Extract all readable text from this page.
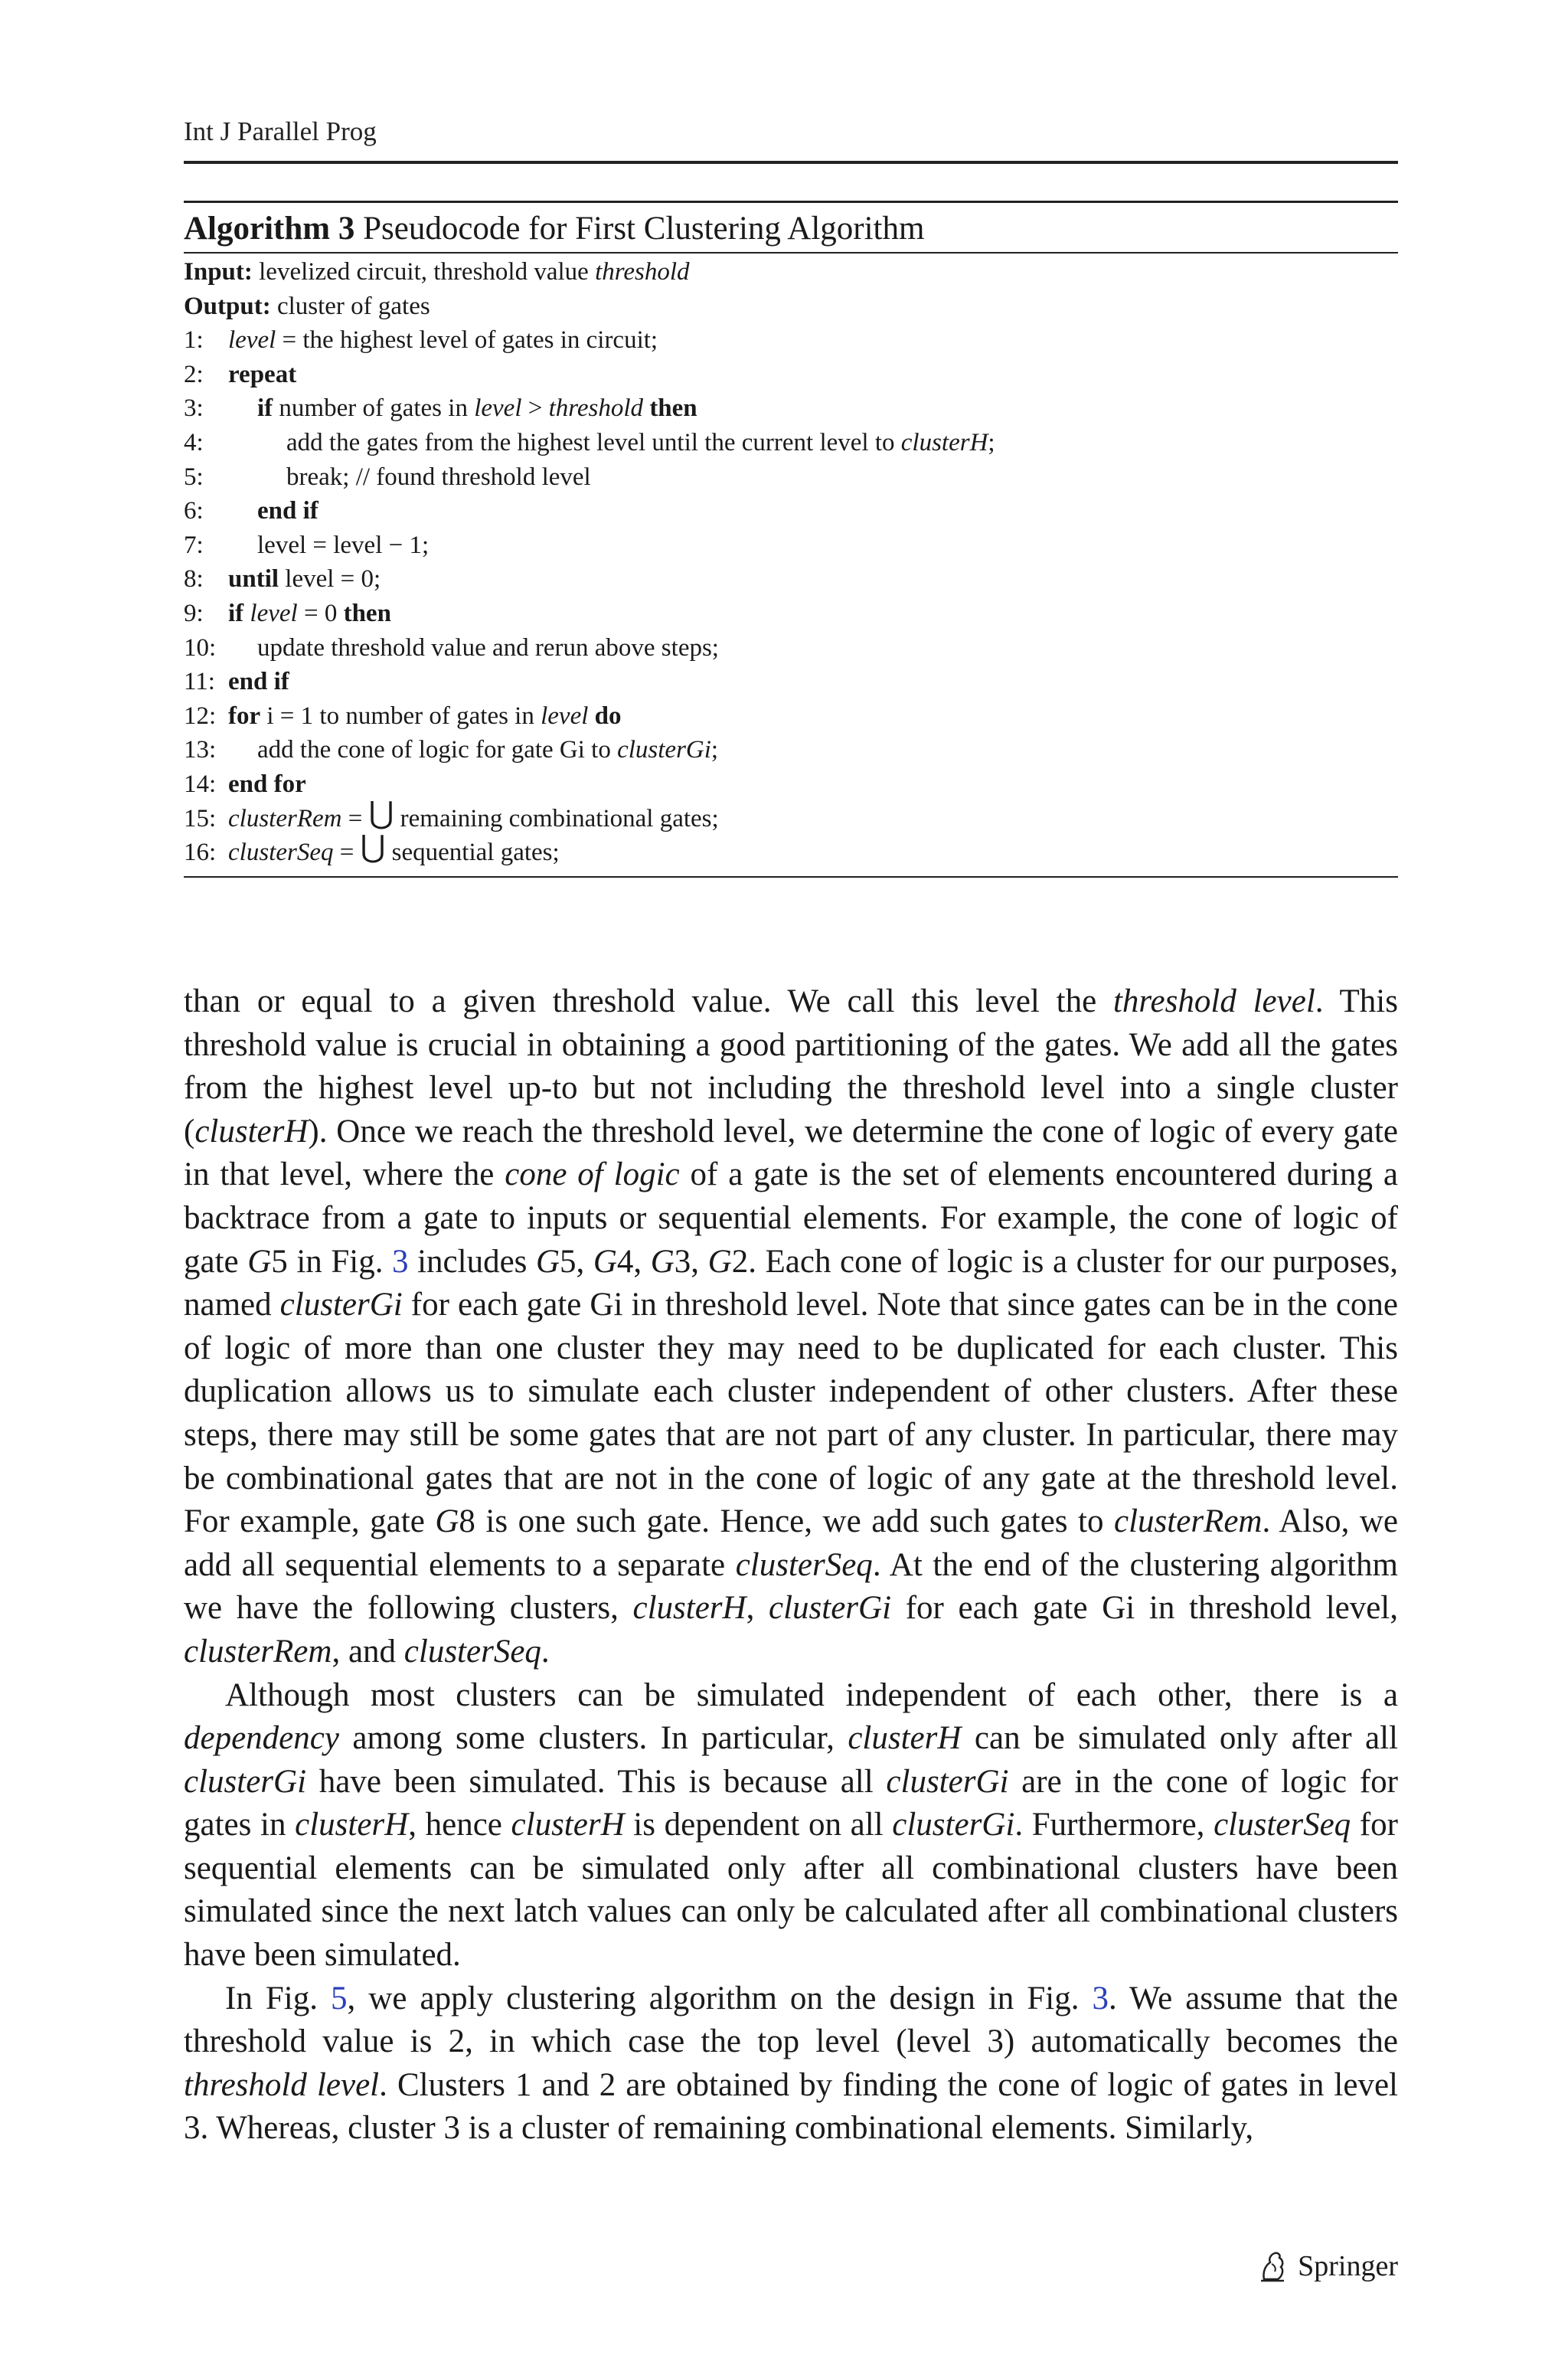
Int J Parallel Prog
Algorithm 3 Pseudocode for First Clustering Algorithm
Input:
levelized circuit, threshold value
threshold
Output:
cluster of gates
1: level = the highest level of gates in circuit;
2: repeat
3:	if number of gates in level > threshold then
4:	add the gates from the highest level until the current level to clusterH ;
5:	break; // found threshold level
6:	end if
7:	level = level − 1;
8: until level = 0;
9: if level = 0 then
10:	update threshold value and rerun above steps;
11: end if
12: for i = 1 to number of gates in level do
13:	add the cone of logic for gate Gi to clusterGi ;
14: end for
15: clusterRem = ⋃ remaining combinational gates;
16: clusterSeq = ⋃ sequential gates;

than or equal to a given threshold value. We call this level the threshold level. This threshold value is crucial in obtaining a good partitioning of the gates. We add all the gates from the highest level up-to but not including the threshold level into a single cluster (clusterH). Once we reach the threshold level, we determine the cone of logic of every gate in that level, where the cone of logic of a gate is the set of elements encountered during a backtrace from a gate to inputs or sequential elements. For example, the cone of logic of gate G5 in Fig. 3 includes G5, G4, G3, G2. Each cone of logic is a cluster for our purposes, named clusterGi for each gate Gi in threshold level. Note that since gates can be in the cone of logic of more than one cluster they may need to be duplicated for each cluster. This duplication allows us to simulate each cluster independent of other clusters. After these steps, there may still be some gates that are not part of any cluster. In particular, there may be combinational gates that are not in the cone of logic of any gate at the threshold level. For example, gate G8 is one such gate. Hence, we add such gates to clusterRem. Also, we add all sequential elements to a separate clusterSeq. At the end of the clustering algorithm we have the following clusters, clusterH, clusterGi for each gate Gi in threshold level, clusterRem, and clusterSeq.

Although most clusters can be simulated independent of each other, there is a dependency among some clusters. In particular, clusterH can be simulated only after all clusterGi have been simulated. This is because all clusterGi are in the cone of logic for gates in clusterH, hence clusterH is dependent on all clusterGi. Furthermore, clusterSeq for sequential elements can be simulated only after all combinational clusters have been simulated since the next latch values can only be calculated after all combinational clusters have been simulated.

In Fig. 5, we apply clustering algorithm on the design in Fig. 3. We assume that the threshold value is 2, in which case the top level (level 3) automatically becomes the threshold level. Clusters 1 and 2 are obtained by finding the cone of logic of gates in level 3. Whereas, cluster 3 is a cluster of remaining combinational elements. Similarly,

Springer
